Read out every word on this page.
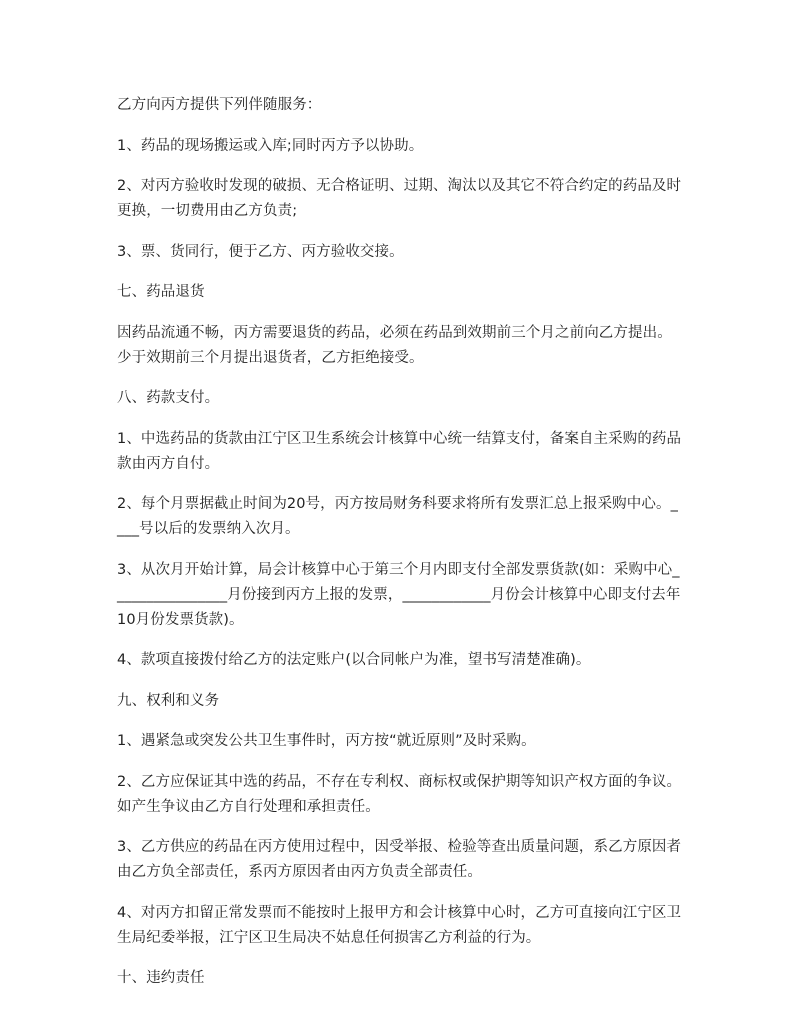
乙方向丙方提供下列伴随服务：

1、药品的现场搬运或入库;同时丙方予以协助。

2、对丙方验收时发现的破损、无合格证明、过期、淘汰以及其它不符合约定的药品及时更换，一切费用由乙方负责;

3、票、货同行，便于乙方、丙方验收交接。

七、药品退货

因药品流通不畅，丙方需要退货的药品，必须在药品到效期前三个月之前向乙方提出。少于效期前三个月提出退货者，乙方拒绝接受。

八、药款支付。

1、中选药品的货款由江宁区卫生系统会计核算中心统一结算支付，备案自主采购的药品款由丙方自付。

2、每个月票据截止时间为20号，丙方按局财务科要求将所有发票汇总上报采购中心。____号以后的发票纳入次月。

3、从次月开始计算，局会计核算中心于第三个月内即支付全部发票货款(如：采购中心________________月份接到丙方上报的发票，____________月份会计核算中心即支付去年10月份发票货款)。

4、款项直接拨付给乙方的法定账户(以合同帐户为准，望书写清楚准确)。

九、权利和义务

1、遇紧急或突发公共卫生事件时，丙方按“就近原则”及时采购。

2、乙方应保证其中选的药品，不存在专利权、商标权或保护期等知识产权方面的争议。如产生争议由乙方自行处理和承担责任。

3、乙方供应的药品在丙方使用过程中，因受举报、检验等查出质量问题，系乙方原因者由乙方负全部责任，系丙方原因者由丙方负责全部责任。

4、对丙方扣留正常发票而不能按时上报甲方和会计核算中心时，乙方可直接向江宁区卫生局纪委举报，江宁区卫生局决不姑息任何损害乙方利益的行为。

十、违约责任
